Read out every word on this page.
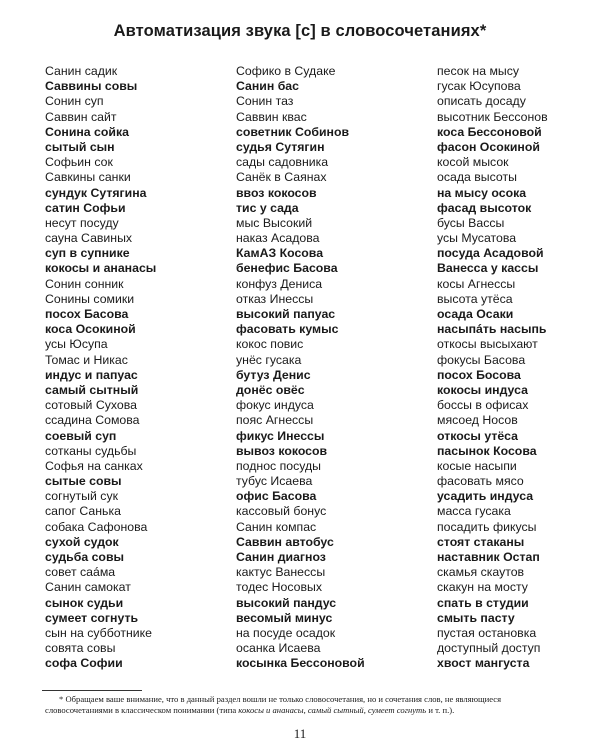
Автоматизация звука [с] в словосочетаниях*
Санин садик
Саввины совы
Сонин суп
Саввин сайт
Сонина сойка
сытый сын
Софьин сок
Савкины санки
сундук Сутягина
сатин Софьи
несут посуду
сауна Савиных
суп в супнике
кокосы и ананасы
Сонин сонник
Сонины сомики
посох Басова
коса Осокиной
усы Юсупа
Томас и Никас
индус и папуас
самый сытный
сотовый Сухова
ссадина Сомова
соевый суп
сотканы судьбы
Софья на санках
сытые совы
согнутый сук
сапог Санька
собака Сафонова
сухой судок
судьба совы
совет саáма
Санин самокат
сынок судьи
сумеет согнуть
сын на субботнике
совята совы
софа Софии
Софико в Судаке
Санин бас
Сонин таз
Саввин квас
советник Собинов
судья Сутягин
сады садовника
Санёк в Саянах
ввоз кокосов
тис у сада
мыс Высокий
наказ Асадова
КамАЗ Косова
бенефис Басова
конфуз Дениса
отказ Инессы
высокий папуас
фасовать кумыс
кокос повис
унёс гусака
бутуз Денис
донёс овёс
фокус индуса
пояс Агнессы
фикус Инессы
вывоз кокосов
поднос посуды
тубус Исаева
офис Басова
кассовый бонус
Санин компас
Саввин автобус
Санин диагноз
кактус Ванессы
тодес Носовых
высокий пандус
весомый минус
на посуде осадок
осанка Исаева
косынка Бессоновой
песок на мысу
гусак Юсупова
описать досаду
высотник Бессонов
коса Бессоновой
фасон Осокиной
косой мысок
осада высоты
на мысу осока
фасад высоток
бусы Вассы
усы Мусатова
посуда Асадовой
Ванесса у кассы
косы Агнессы
высота утёса
осада Осаки
насыпáть насыпь
откосы высыхают
фокусы Басова
посох Босова
кокосы индуса
боссы в офисах
мясоед Носов
откосы утёса
пасынок Косова
косые насыпи
фасовать мясо
усадить индуса
масса гусака
посадить фикусы
стоят стаканы
наставник Остап
скамья скаутов
скакун на мосту
спать в студии
смыть пасту
пустая остановка
доступный доступ
хвост мангуста
* Обращаем ваше внимание, что в данный раздел вошли не только словосочетания, но и сочетания слов, не являющиеся словосочетаниями в классическом понимании (типа кокосы и ананасы, самый сытный, сумеет согнуть и т. п.).
11
